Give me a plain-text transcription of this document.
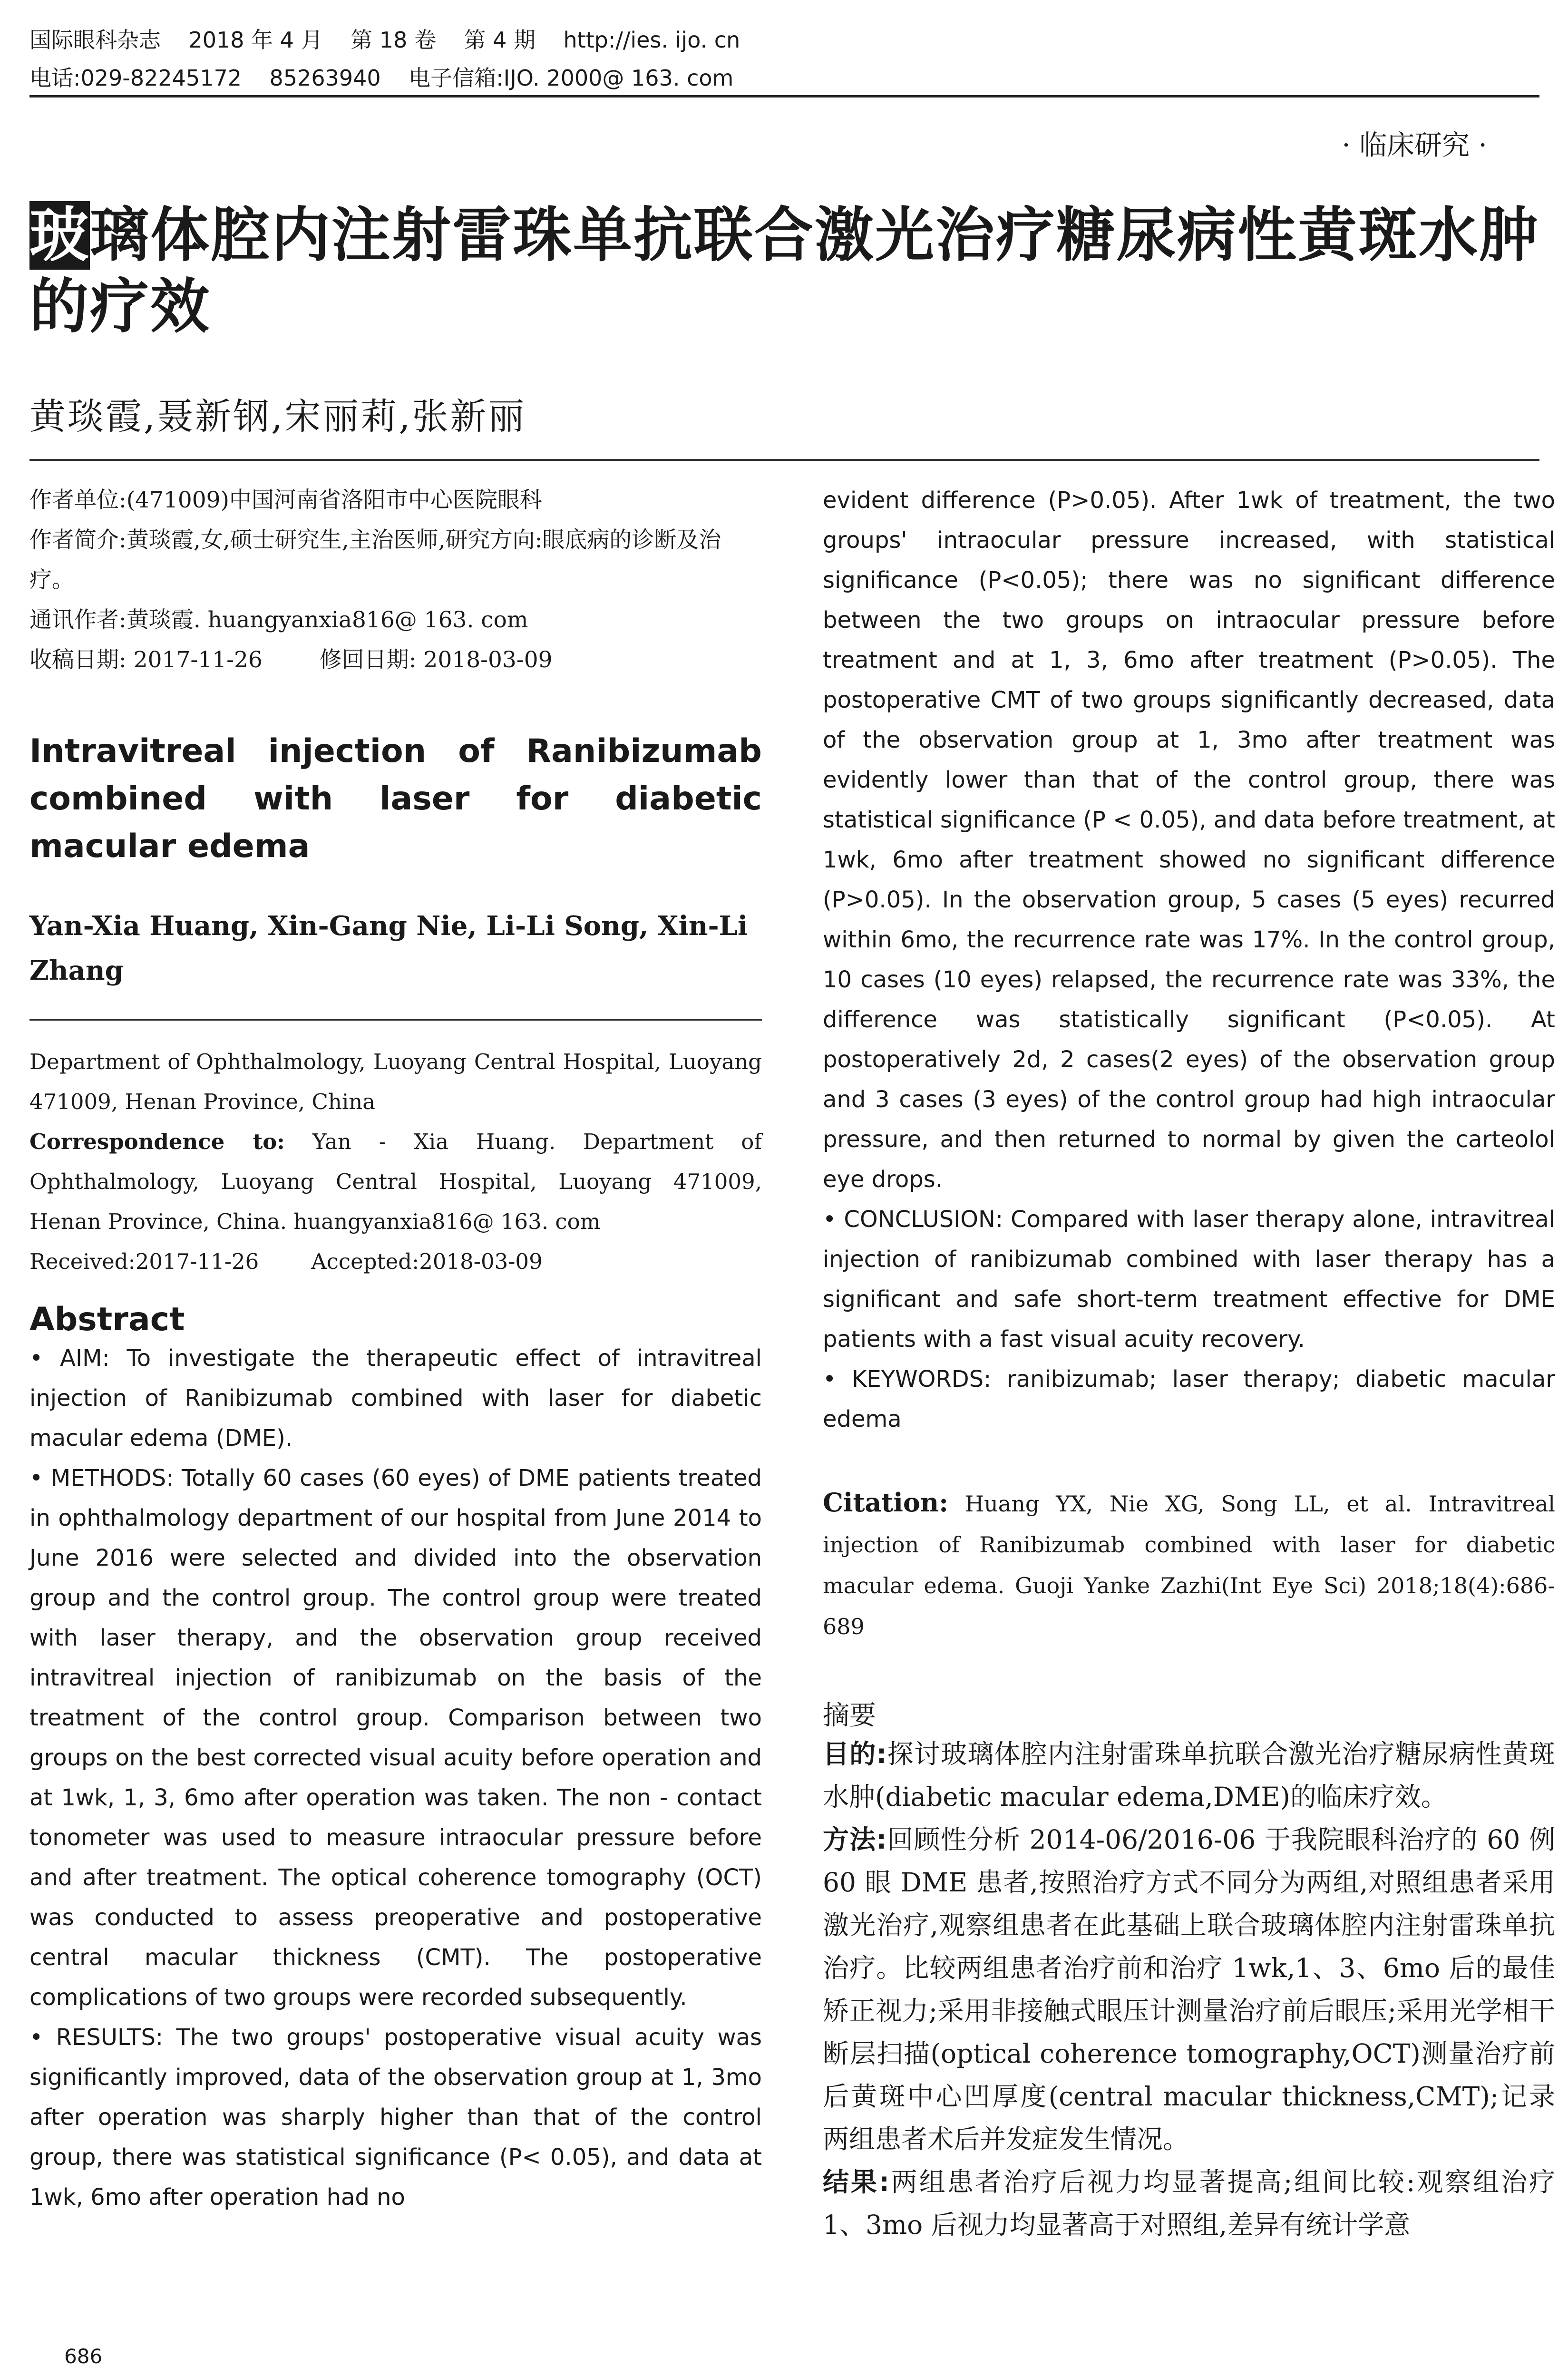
国际眼科杂志    2018 年 4 月    第 18 卷    第 4 期    http://ies. ijo. cn
电话:029-82245172    85263940    电子信箱:IJO. 2000@ 163. com
· 临床研究 ·
玻璃体腔内注射雷珠单抗联合激光治疗糖尿病性黄斑水肿的疗效
黄琰霞,聂新钢,宋丽莉,张新丽
作者单位:(471009)中国河南省洛阳市中心医院眼科
作者简介:黄琰霞,女,硕士研究生,主治医师,研究方向:眼底病的诊断及治疗。
通讯作者:黄琰霞. huangyanxia816@ 163. com
收稿日期: 2017-11-26	修回日期: 2018-03-09
Intravitreal injection of Ranibizumab combined with laser for diabetic macular edema
Yan-Xia Huang, Xin-Gang Nie, Li-Li Song, Xin-Li Zhang
Department of Ophthalmology, Luoyang Central Hospital, Luoyang 471009, Henan Province, China
Correspondence to: Yan - Xia Huang. Department of Ophthalmology, Luoyang Central Hospital, Luoyang 471009, Henan Province, China. huangyanxia816@ 163. com
Received:2017-11-26 Accepted:2018-03-09
Abstract

• AIM: To investigate the therapeutic effect of intravitreal injection of Ranibizumab combined with laser for diabetic macular edema (DME).

• METHODS: Totally 60 cases (60 eyes) of DME patients treated in ophthalmology department of our hospital from June 2014 to June 2016 were selected and divided into the observation group and the control group. The control group were treated with laser therapy, and the observation group received intravitreal injection of ranibizumab on the basis of the treatment of the control group. Comparison between two groups on the best corrected visual acuity before operation and at 1wk, 1, 3, 6mo after operation was taken. The non - contact tonometer was used to measure intraocular pressure before and after treatment. The optical coherence tomography (OCT) was conducted to assess preoperative and postoperative central macular thickness (CMT). The postoperative complications of two groups were recorded subsequently.

• RESULTS: The two groups' postoperative visual acuity was significantly improved, data of the observation group at 1, 3mo after operation was sharply higher than that of the control group, there was statistical significance (P< 0.05), and data at 1wk, 6mo after operation had no

evident difference (P>0.05). After 1wk of treatment, the two groups' intraocular pressure increased, with statistical significance (P<0.05); there was no significant difference between the two groups on intraocular pressure before treatment and at 1, 3, 6mo after treatment (P>0.05). The postoperative CMT of two groups significantly decreased, data of the observation group at 1, 3mo after treatment was evidently lower than that of the control group, there was statistical significance (P < 0.05), and data before treatment, at 1wk, 6mo after treatment showed no significant difference (P>0.05). In the observation group, 5 cases (5 eyes) recurred within 6mo, the recurrence rate was 17%. In the control group, 10 cases (10 eyes) relapsed, the recurrence rate was 33%, the difference was statistically significant (P<0.05). At postoperatively 2d, 2 cases(2 eyes) of the observation group and 3 cases (3 eyes) of the control group had high intraocular pressure, and then returned to normal by given the carteolol eye drops.

• CONCLUSION: Compared with laser therapy alone, intravitreal injection of ranibizumab combined with laser therapy has a significant and safe short-term treatment effective for DME patients with a fast visual acuity recovery.

• KEYWORDS: ranibizumab; laser therapy; diabetic macular edema

Citation: Huang YX, Nie XG, Song LL, et al. Intravitreal injection of Ranibizumab combined with laser for diabetic macular edema. Guoji Yanke Zazhi(Int Eye Sci) 2018;18(4):686-689
摘要

目的:探讨玻璃体腔内注射雷珠单抗联合激光治疗糖尿病性黄斑水肿(diabetic macular edema,DME)的临床疗效。

方法:回顾性分析 2014-06/2016-06 于我院眼科治疗的 60 例 60 眼 DME 患者,按照治疗方式不同分为两组,对照组患者采用激光治疗,观察组患者在此基础上联合玻璃体腔内注射雷珠单抗治疗。比较两组患者治疗前和治疗 1wk,1、3、6mo 后的最佳矫正视力;采用非接触式眼压计测量治疗前后眼压;采用光学相干断层扫描(optical coherence tomography,OCT)测量治疗前后黄斑中心凹厚度(central macular thickness,CMT);记录两组患者术后并发症发生情况。

结果:两组患者治疗后视力均显著提高;组间比较:观察组治疗 1、3mo 后视力均显著高于对照组,差异有统计学意

686
